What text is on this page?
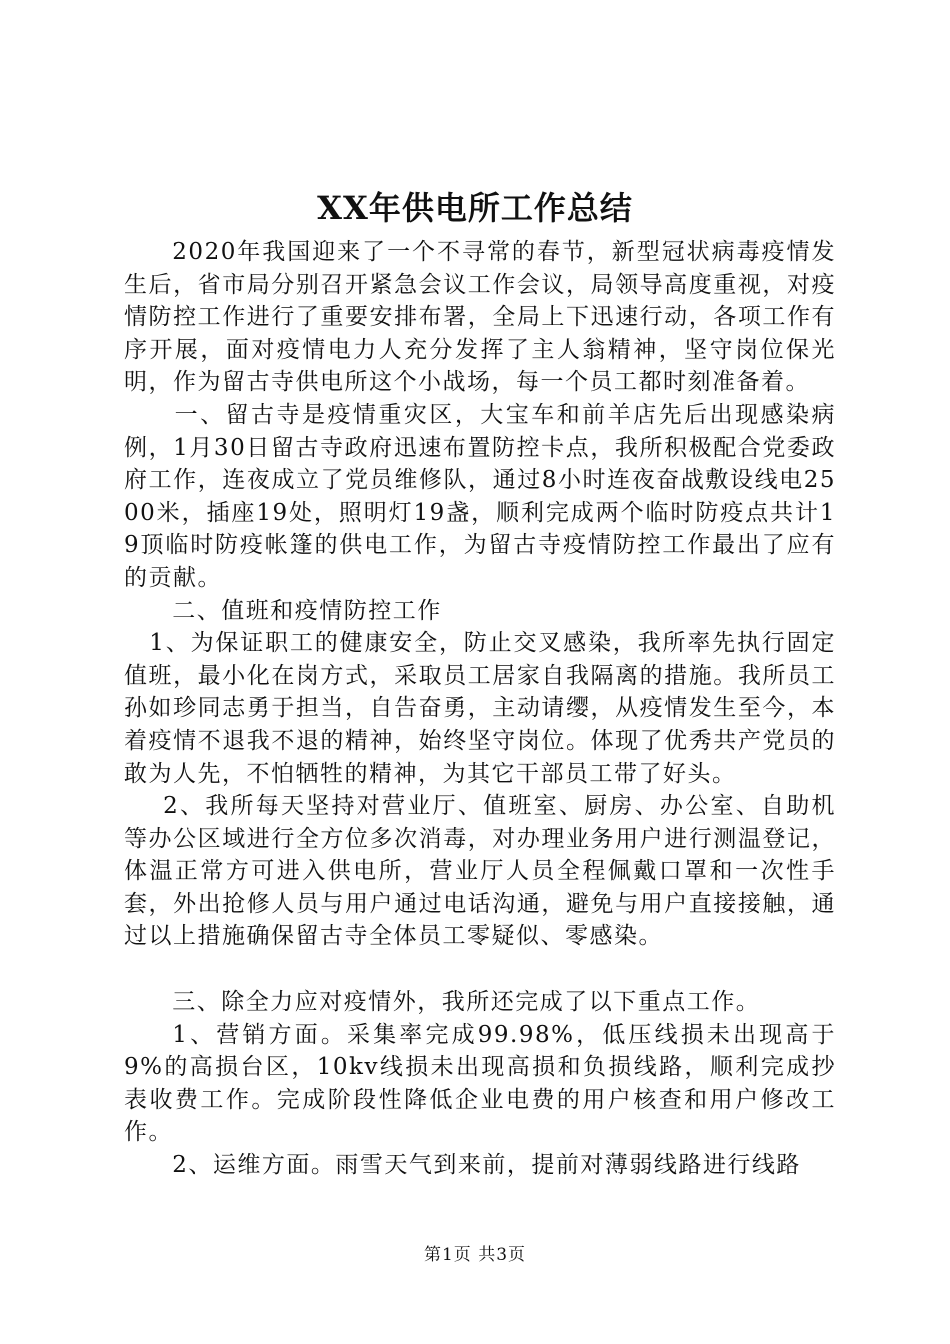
XX年供电所工作总结

2020年我国迎来了一个不寻常的春节，新型冠状病毒疫情发生后，省市局分别召开紧急会议工作会议，局领导高度重视，对疫情防控工作进行了重要安排布署，全局上下迅速行动，各项工作有序开展，面对疫情电力人充分发挥了主人翁精神，坚守岗位保光明，作为留古寺供电所这个小战场，每一个员工都时刻准备着。

一、留古寺是疫情重灾区，大宝车和前羊店先后出现感染病例，1月30日留古寺政府迅速布置防控卡点，我所积极配合党委政府工作，连夜成立了党员维修队，通过8小时连夜奋战敷设线电2500米，插座19处，照明灯19盏，顺利完成两个临时防疫点共计19顶临时防疫帐篷的供电工作，为留古寺疫情防控工作最出了应有的贡献。

二、值班和疫情防控工作

1、为保证职工的健康安全，防止交叉感染，我所率先执行固定值班，最小化在岗方式，采取员工居家自我隔离的措施。我所员工孙如珍同志勇于担当，自告奋勇，主动请缨，从疫情发生至今，本着疫情不退我不退的精神，始终坚守岗位。体现了优秀共产党员的敢为人先，不怕牺牲的精神，为其它干部员工带了好头。

2、我所每天坚持对营业厅、值班室、厨房、办公室、自助机等办公区域进行全方位多次消毒，对办理业务用户进行测温登记，体温正常方可进入供电所，营业厅人员全程佩戴口罩和一次性手套，外出抢修人员与用户通过电话沟通，避免与用户直接接触，通过以上措施确保留古寺全体员工零疑似、零感染。

三、除全力应对疫情外，我所还完成了以下重点工作。

1、营销方面。采集率完成99.98%，低压线损未出现高于9%的高损台区，10kv线损未出现高损和负损线路，顺利完成抄表收费工作。完成阶段性降低企业电费的用户核查和用户修改工作。

2、运维方面。雨雪天气到来前，提前对薄弱线路进行线路

第1页 共3页
